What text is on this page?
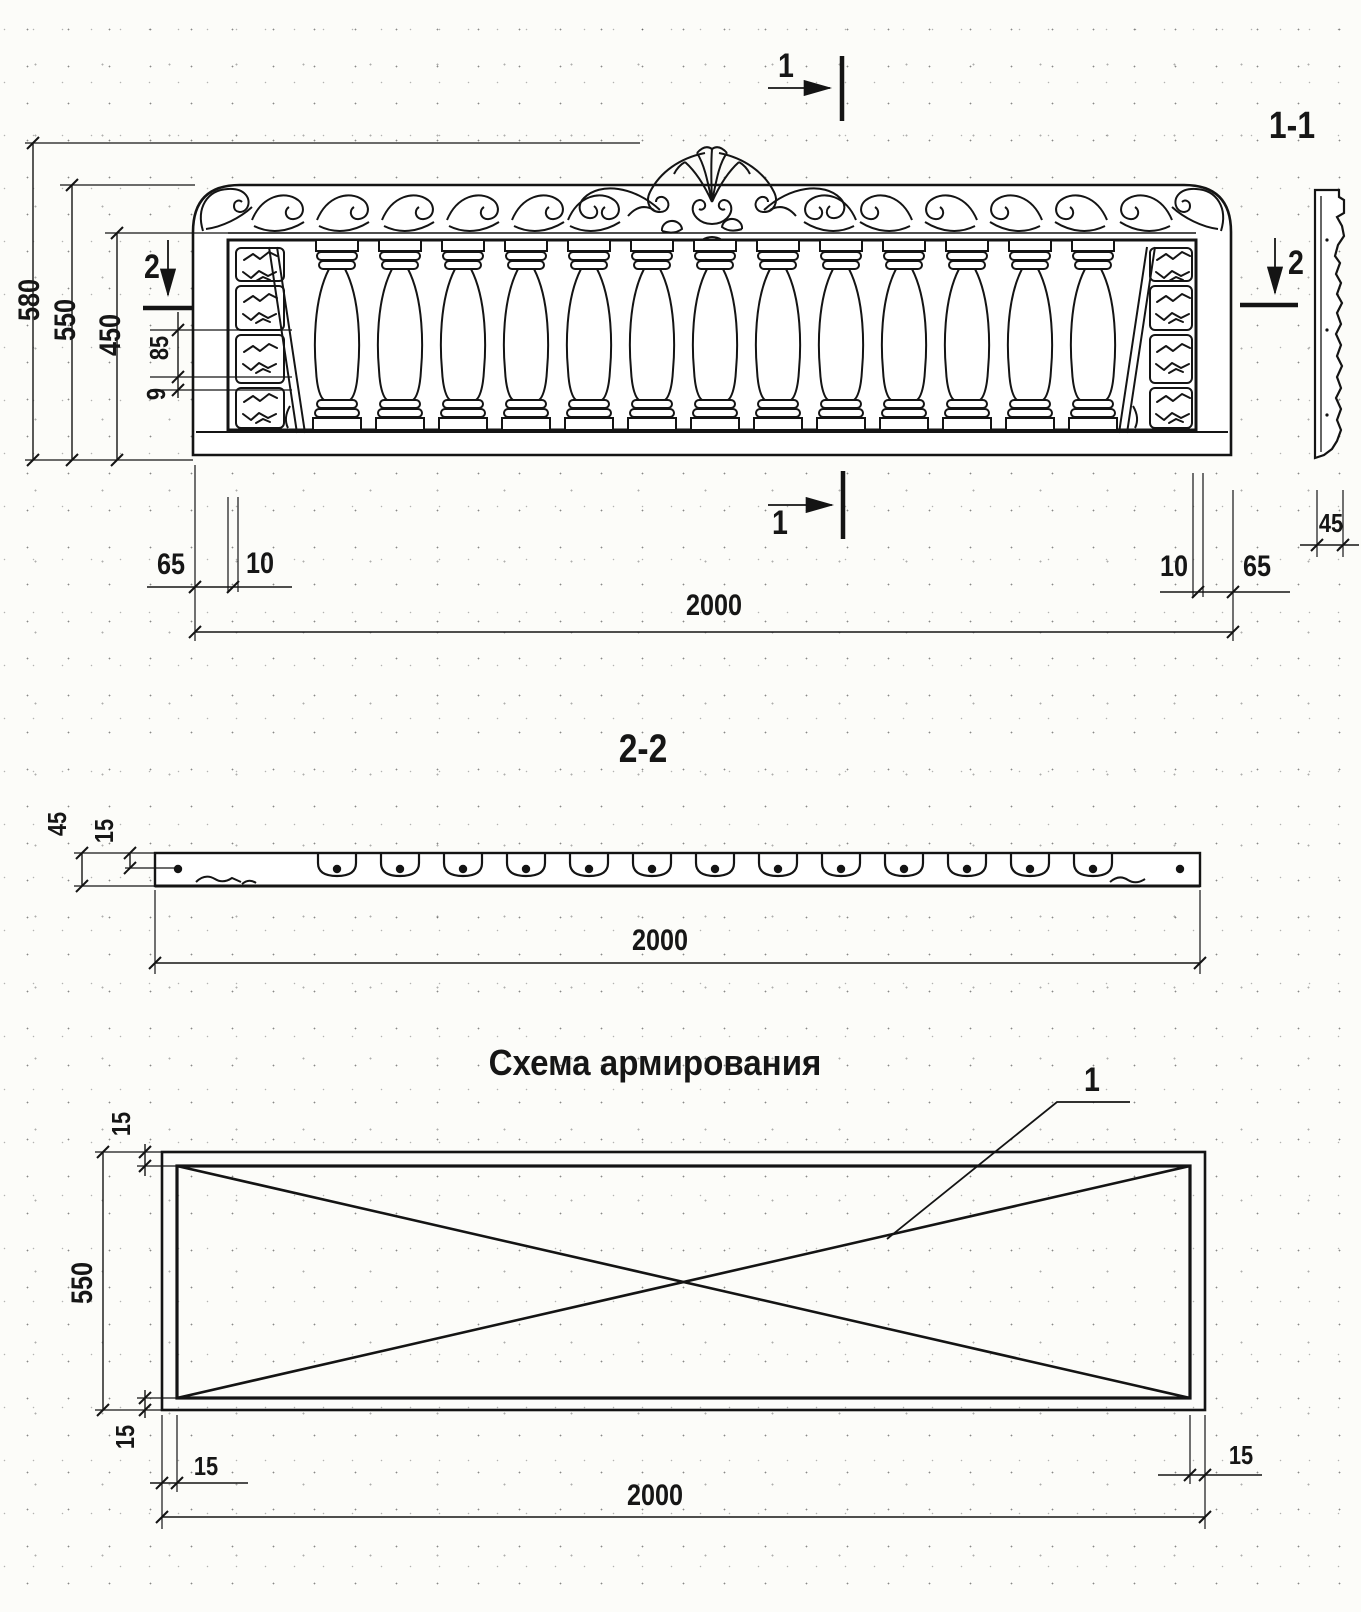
1
1
2	2
580 550 450 85
9
65 10	10 65
2000
1-1
45
2-2
45 15
2000
Схема армирования	1
15
550
15
15
2000
15
